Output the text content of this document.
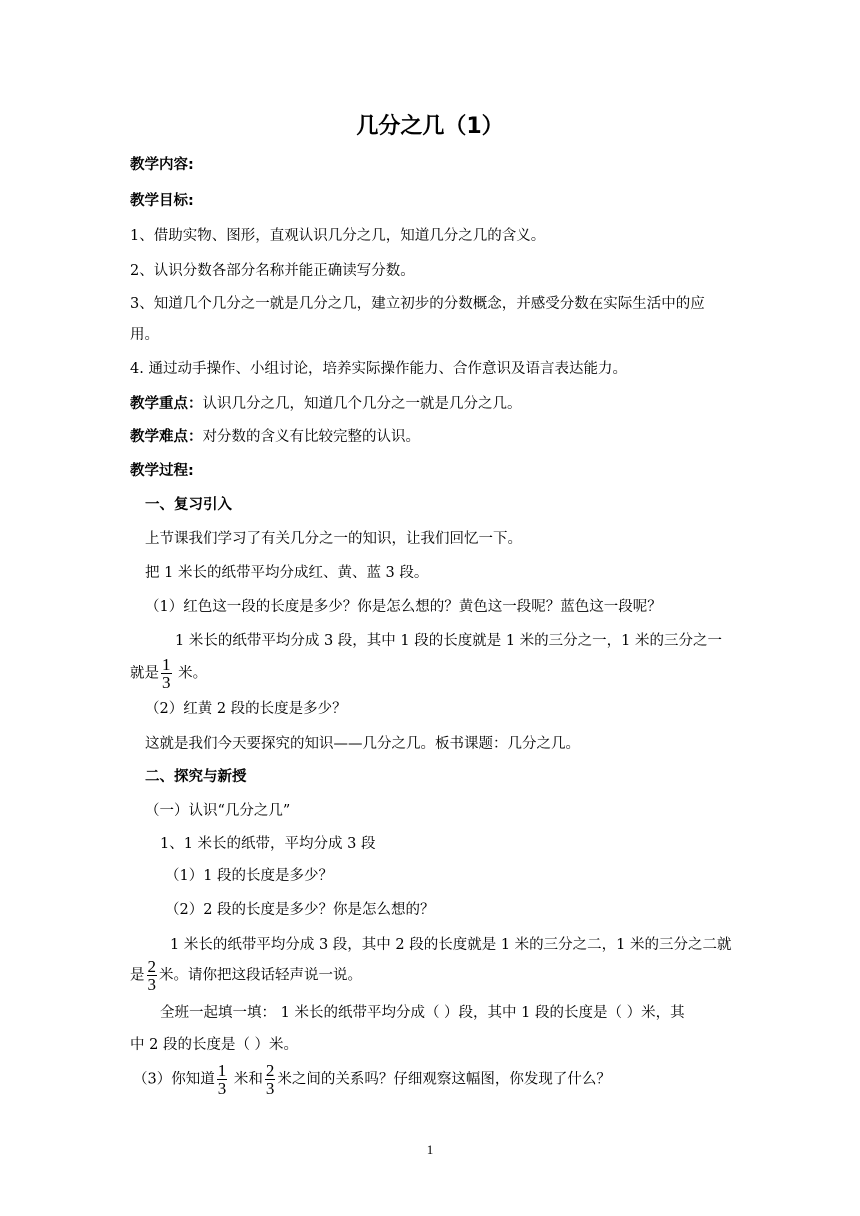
几分之几（1）
教学内容:
教学目标:
1、借助实物、图形，直观认识几分之几，知道几分之几的含义。
2、认识分数各部分名称并能正确读写分数。
3、知道几个几分之一就是几分之几，建立初步的分数概念，并感受分数在实际生活中的应
用。
4. 通过动手操作、小组讨论，培养实际操作能力、合作意识及语言表达能力。
教学重点：认识几分之几，知道几个几分之一就是几分之几。
教学难点：对分数的含义有比较完整的认识。
教学过程:
一、复习引入
上节课我们学习了有关几分之一的知识，让我们回忆一下。
把 1 米长的纸带平均分成红、黄、蓝 3 段。
（1）红色这一段的长度是多少？你是怎么想的？黄色这一段呢？蓝色这一段呢？
1 米长的纸带平均分成 3 段，其中 1 段的长度就是 1 米的三分之一，1 米的三分之一
就是 $\frac{1}{3}$ 米。
（2）红黄 2 段的长度是多少？
这就是我们今天要探究的知识——几分之几。板书课题：几分之几。
二、探究与新授
（一）认识“几分之几”
1、1 米长的纸带，平均分成 3 段
（1）1 段的长度是多少？
（2）2 段的长度是多少？你是怎么想的？
1 米长的纸带平均分成 3 段，其中 2 段的长度就是 1 米的三分之二，1 米的三分之二就
是 $\frac{2}{3}$ 米。请你把这段话轻声说一说。
全班一起填一填： 1 米长的纸带平均分成（ ）段，其中 1 段的长度是（ ）米，其
中 2 段的长度是（ ）米。
（3）你知道 $\frac{1}{3}$ 米和 $\frac{2}{3}$ 米之间的关系吗？仔细观察这幅图，你发现了什么？
1
